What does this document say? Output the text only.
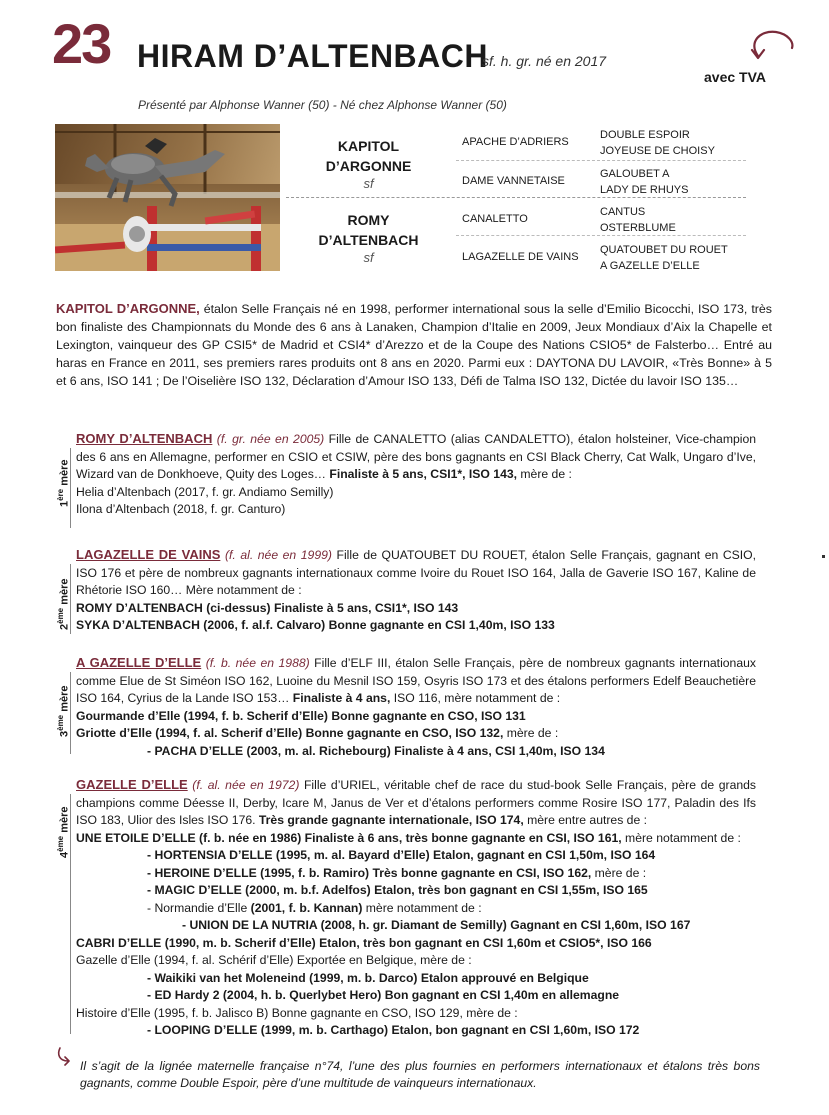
23 HIRAM D’ALTENBACH
sf. h. gr. né en 2017
avec TVA
Présenté par Alphonse Wanner (50) - Né chez Alphonse Wanner (50)
KAPITOL
D’ARGONNE
sf
ROMY
D’ALTENBACH
sf
APACHE D’ADRIERS
DAME VANNETAISE
CANALETTO
LAGAZELLE DE VAINS
DOUBLE ESPOIR
JOYEUSE DE CHOISY
GALOUBET A
LADY DE RHUYS
CANTUS
OSTERBLUME
QUATOUBET DU ROUET
A GAZELLE D’ELLE
KAPITOL D’ARGONNE, étalon Selle Français né en 1998, performer international sous la selle d’Emilio Bicocchi, ISO 173, très bon finaliste des Championnats du Monde des 6 ans à Lanaken, Champion d’Italie en 2009, Jeux Mondiaux d’Aix la Chapelle et Lexington, vainqueur des GP CSI5* de Madrid et CSI4* d’Arezzo et de la Coupe des Nations CSIO5* de Falsterbo… Entré au haras en France en 2011, ses premiers rares produits ont 8 ans en 2020. Parmi eux : DAYTONA DU LAVOIR, «Très Bonne» à 5 et 6 ans, ISO 141 ; De l’Oiselière ISO 132, Déclaration d’Amour ISO 133, Défi de Talma ISO 132, Dictée du lavoir ISO 135…
1ère mère
ROMY D’ALTENBACH (f. gr. née en 2005) Fille de CANALETTO (alias CANDALETTO), étalon holsteiner, Vice-champion des 6 ans en Allemagne, performer en CSIO et CSIW, père des bons gagnants en CSI Black Cherry, Cat Walk, Ungaro d’Ive, Wizard van de Donkhoeve, Quity des Loges… Finaliste à 5 ans, CSI1*, ISO 143, mère de :
Helia d’Altenbach (2017, f. gr. Andiamo Semilly)
Ilona d’Altenbach (2018, f. gr. Canturo)
2ème mère
LAGAZELLE DE VAINS (f. al. née en 1999) Fille de QUATOUBET DU ROUET, étalon Selle Français, gagnant en CSIO, ISO 176 et père de nombreux gagnants internationaux comme Ivoire du Rouet ISO 164, Jalla de Gaverie ISO 167, Kaline de Rhétorie ISO 160… Mère notamment de :
ROMY D’ALTENBACH (ci-dessus) Finaliste à 5 ans, CSI1*, ISO 143
SYKA D’ALTENBACH (2006, f. al.f. Calvaro) Bonne gagnante en CSI 1,40m, ISO 133
3ème mère
A GAZELLE D’ELLE (f. b. née en 1988) Fille d’ELF III, étalon Selle Français, père de nombreux gagnants internationaux comme Elue de St Siméon ISO 162, Luoine du Mesnil ISO 159, Osyris ISO 173 et des étalons performers Edelf Beauchetière ISO 164, Cyrius de la Lande ISO 153… Finaliste à 4 ans, ISO 116, mère notamment de :
Gourmande d’Elle (1994, f. b. Scherif d’Elle) Bonne gagnante en CSO, ISO 131
Griotte d’Elle (1994, f. al. Scherif d’Elle) Bonne gagnante en CSO, ISO 132, mère de :
- PACHA D’ELLE (2003, m. al. Richebourg) Finaliste à 4 ans, CSI 1,40m, ISO 134
4ème mère
GAZELLE D’ELLE (f. al. née en 1972) Fille d’URIEL, véritable chef de race du stud-book Selle Français, père de grands champions comme Déesse II, Derby, Icare M, Janus de Ver et d’étalons performers comme Rosire ISO 177, Paladin des Ifs ISO 183, Ulior des Isles ISO 176. Très grande gagnante internationale, ISO 174, mère entre autres de :
UNE ETOILE D’ELLE (f. b. née en 1986) Finaliste à 6 ans, très bonne gagnante en CSI, ISO 161, mère notamment de :
- HORTENSIA D’ELLE (1995, m. al. Bayard d’Elle) Etalon, gagnant en CSI 1,50m, ISO 164
- HEROINE D’ELLE (1995, f. b. Ramiro) Très bonne gagnante en CSI, ISO 162, mère de :
- MAGIC D’ELLE (2000, m. b.f. Adelfos) Etalon, très bon gagnant en CSI 1,55m, ISO 165
- Normandie d’Elle (2001, f. b. Kannan) mère notamment de :
- UNION DE LA NUTRIA (2008, h. gr. Diamant de Semilly) Gagnant en CSI 1,60m, ISO 167
CABRI D’ELLE (1990, m. b. Scherif d’Elle) Etalon, très bon gagnant en CSI 1,60m et CSIO5*, ISO 166
Gazelle d’Elle (1994, f. al. Schérif d’Elle) Exportée en Belgique, mère de :
- Waikiki van het Moleneind (1999, m. b. Darco) Etalon approuvé en Belgique
- ED Hardy 2 (2004, h. b. Querlybet Hero) Bon gagnant en CSI 1,40m en allemagne
Histoire d’Elle (1995, f. b. Jalisco B) Bonne gagnante en CSO, ISO 129, mère de :
- LOOPING D’ELLE (1999, m. b. Carthago) Etalon, bon gagnant en CSI 1,60m, ISO 172
Il s’agit de la lignée maternelle française n°74, l’une des plus fournies en performers internationaux et étalons très bons gagnants, comme Double Espoir, père d’une multitude de vainqueurs internationaux.
